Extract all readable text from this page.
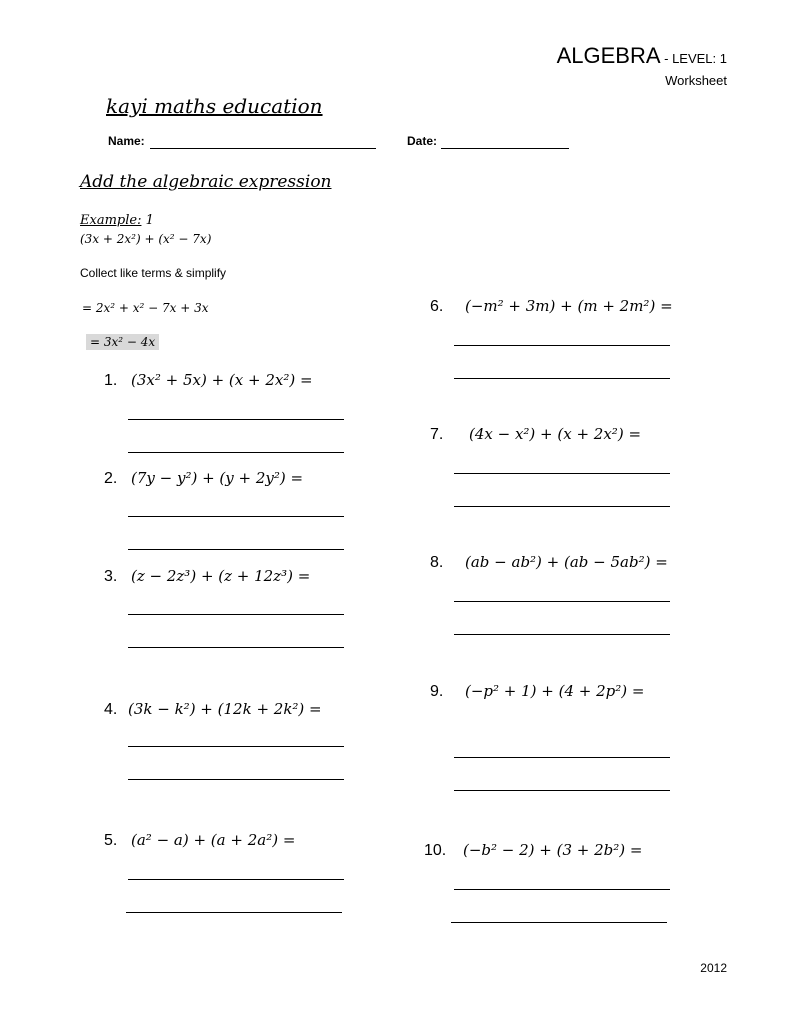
ALGEBRA - LEVEL: 1
Worksheet
kayi maths education
Name:	Date:
Add the algebraic expression
Example: 1
(3x + 2x²) + (x² − 7x)
Collect like terms & simplify
= 2x² + x² − 7x + 3x
= 3x² − 4x
1. (3x² + 5x) + (x + 2x²) =
2. (7y − y²) + (y + 2y²) =
3. (z − 2z³) + (z + 12z³) =
4. (3k − k²) + (12k + 2k²) =
5. (a² − a) + (a + 2a²) =
6. (−m² + 3m) + (m + 2m²) =
7. (4x − x²) + (x + 2x²) =
8. (ab − ab²) + (ab − 5ab²) =
9. (−p² + 1) + (4 + 2p²) =
10. (−b² − 2) + (3 + 2b²) =
2012
